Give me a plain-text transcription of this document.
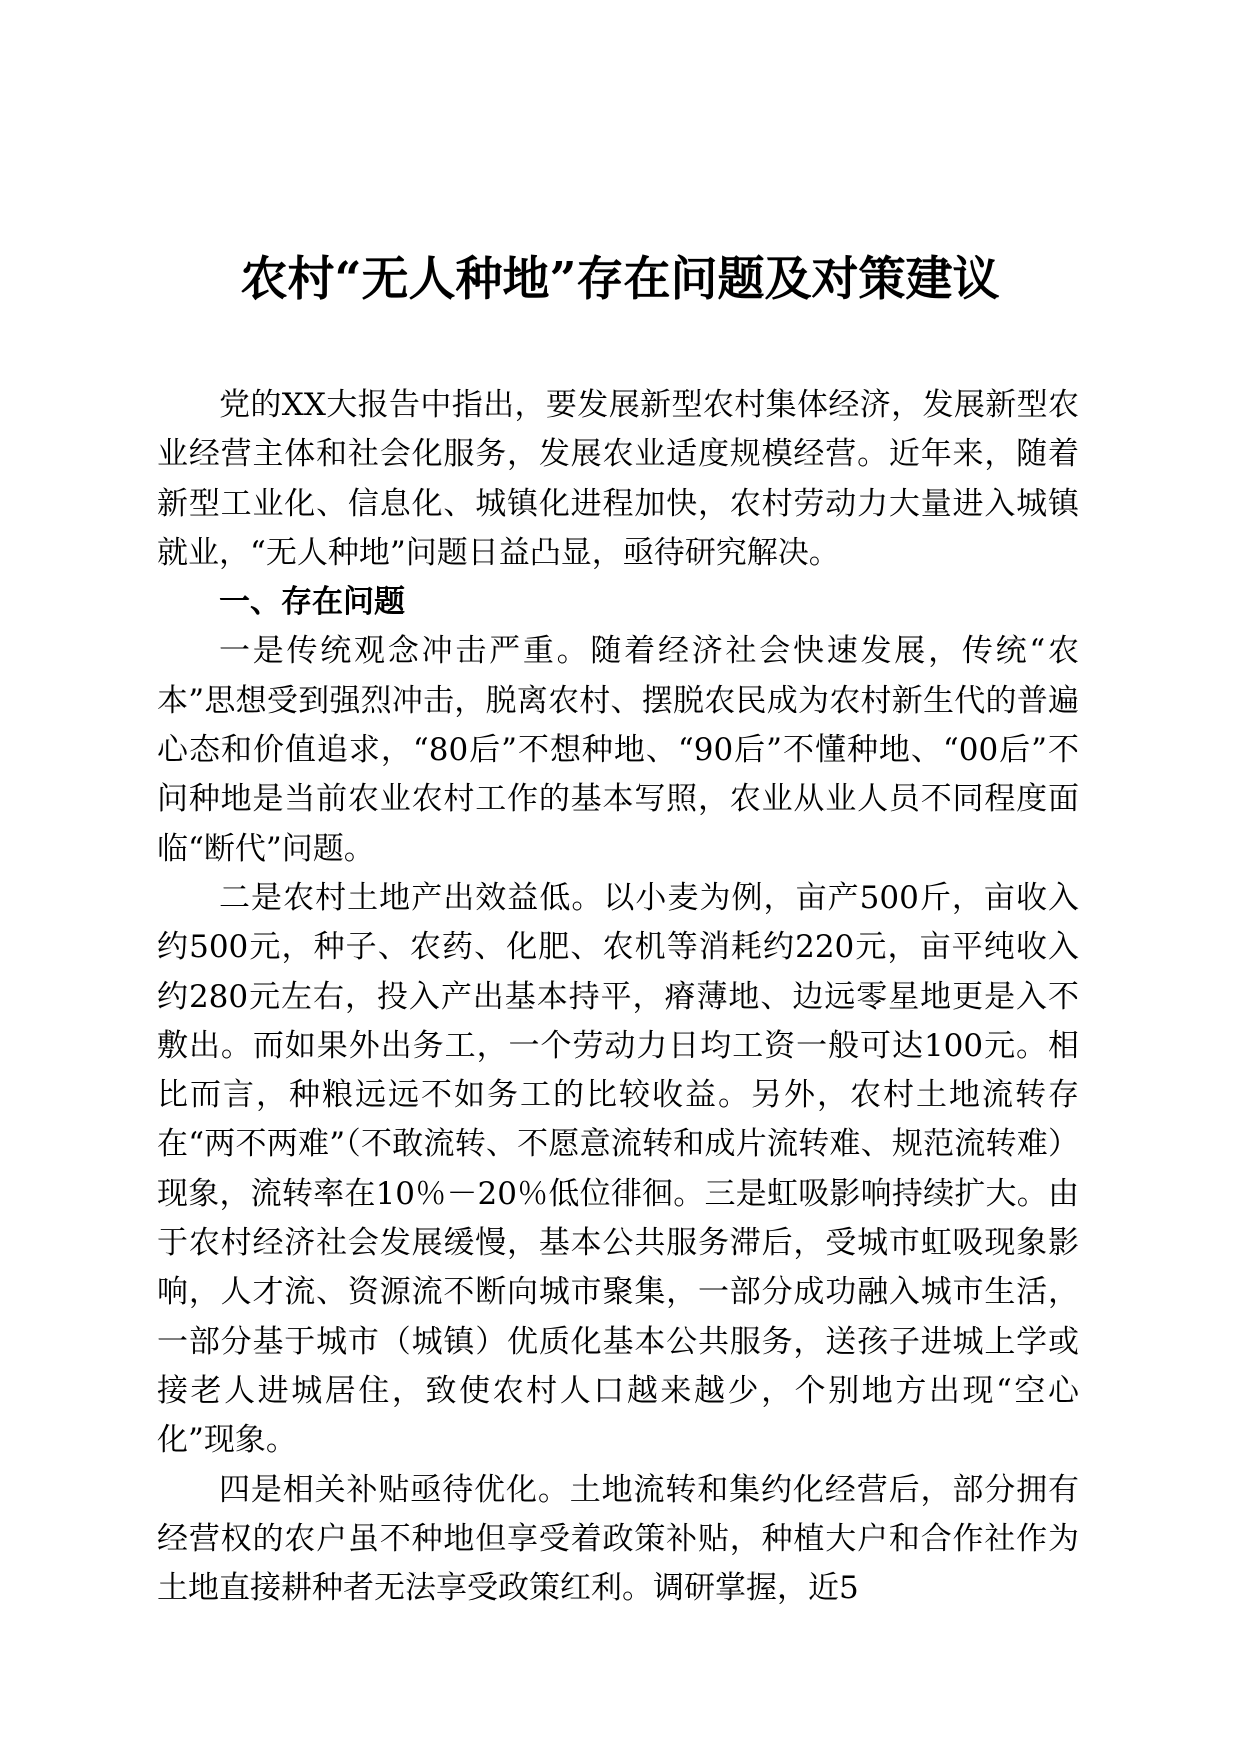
农村“无人种地”存在问题及对策建议

党的XX大报告中指出，要发展新型农村集体经济，发展新型农业经营主体和社会化服务，发展农业适度规模经营。近年来，随着新型工业化、信息化、城镇化进程加快，农村劳动力大量进入城镇就业，“无人种地”问题日益凸显，亟待研究解决。

一、存在问题

一是传统观念冲击严重。随着经济社会快速发展，传统“农本”思想受到强烈冲击，脱离农村、摆脱农民成为农村新生代的普遍心态和价值追求，“80后”不想种地、“90后”不懂种地、“00后”不问种地是当前农业农村工作的基本写照，农业从业人员不同程度面临“断代”问题。

二是农村土地产出效益低。以小麦为例，亩产500斤，亩收入约500元，种子、农药、化肥、农机等消耗约220元，亩平纯收入约280元左右，投入产出基本持平，瘠薄地、边远零星地更是入不敷出。而如果外出务工，一个劳动力日均工资一般可达100元。相比而言，种粮远远不如务工的比较收益。另外，农村土地流转存在“两不两难”（不敢流转、不愿意流转和成片流转难、规范流转难）现象，流转率在10％－20％低位徘徊。三是虹吸影响持续扩大。由于农村经济社会发展缓慢，基本公共服务滞后，受城市虹吸现象影响，人才流、资源流不断向城市聚集，一部分成功融入城市生活，一部分基于城市（城镇）优质化基本公共服务，送孩子进城上学或接老人进城居住，致使农村人口越来越少，个别地方出现“空心化”现象。

四是相关补贴亟待优化。土地流转和集约化经营后，部分拥有经营权的农户虽不种地但享受着政策补贴，种植大户和合作社作为土地直接耕种者无法享受政策红利。调研掌握，近5
